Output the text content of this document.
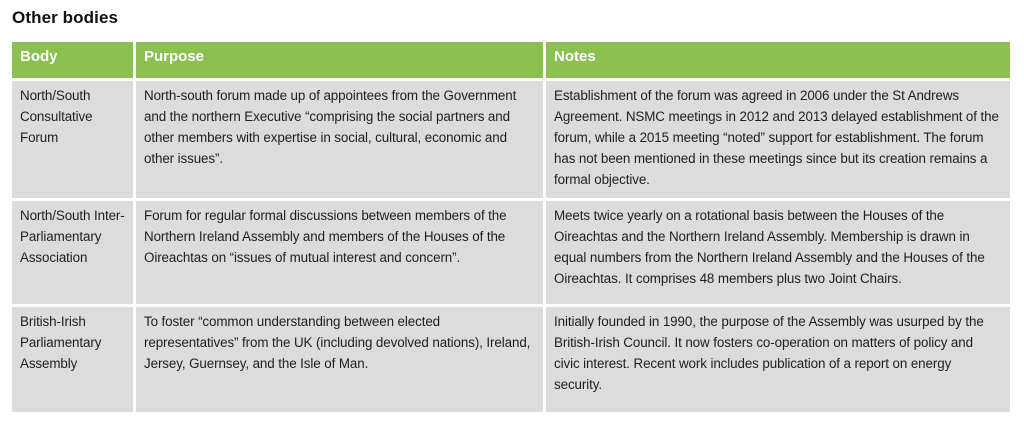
Other bodies
Body	Purpose	Notes
North/South Consultative Forum	North-south forum made up of appointees from the Government and the northern Executive “comprising the social partners and other members with expertise in social, cultural, economic and other issues”.	Establishment of the forum was agreed in 2006 under the St Andrews Agreement. NSMC meetings in 2012 and 2013 delayed establishment of the forum, while a 2015 meeting “noted” support for establishment. The forum has not been mentioned in these meetings since but its creation remains a formal objective.
North/South Inter-Parliamentary Association	Forum for regular formal discussions between members of the Northern Ireland Assembly and members of the Houses of the Oireachtas on “issues of mutual interest and concern”.	Meets twice yearly on a rotational basis between the Houses of the Oireachtas and the Northern Ireland Assembly. Membership is drawn in equal numbers from the Northern Ireland Assembly and the Houses of the Oireachtas. It comprises 48 members plus two Joint Chairs.
British-Irish Parliamentary Assembly	To foster “common understanding between elected representatives” from the UK (including devolved nations), Ireland, Jersey, Guernsey, and the Isle of Man.	Initially founded in 1990, the purpose of the Assembly was usurped by the British-Irish Council. It now fosters co-operation on matters of policy and civic interest. Recent work includes publication of a report on energy security.
